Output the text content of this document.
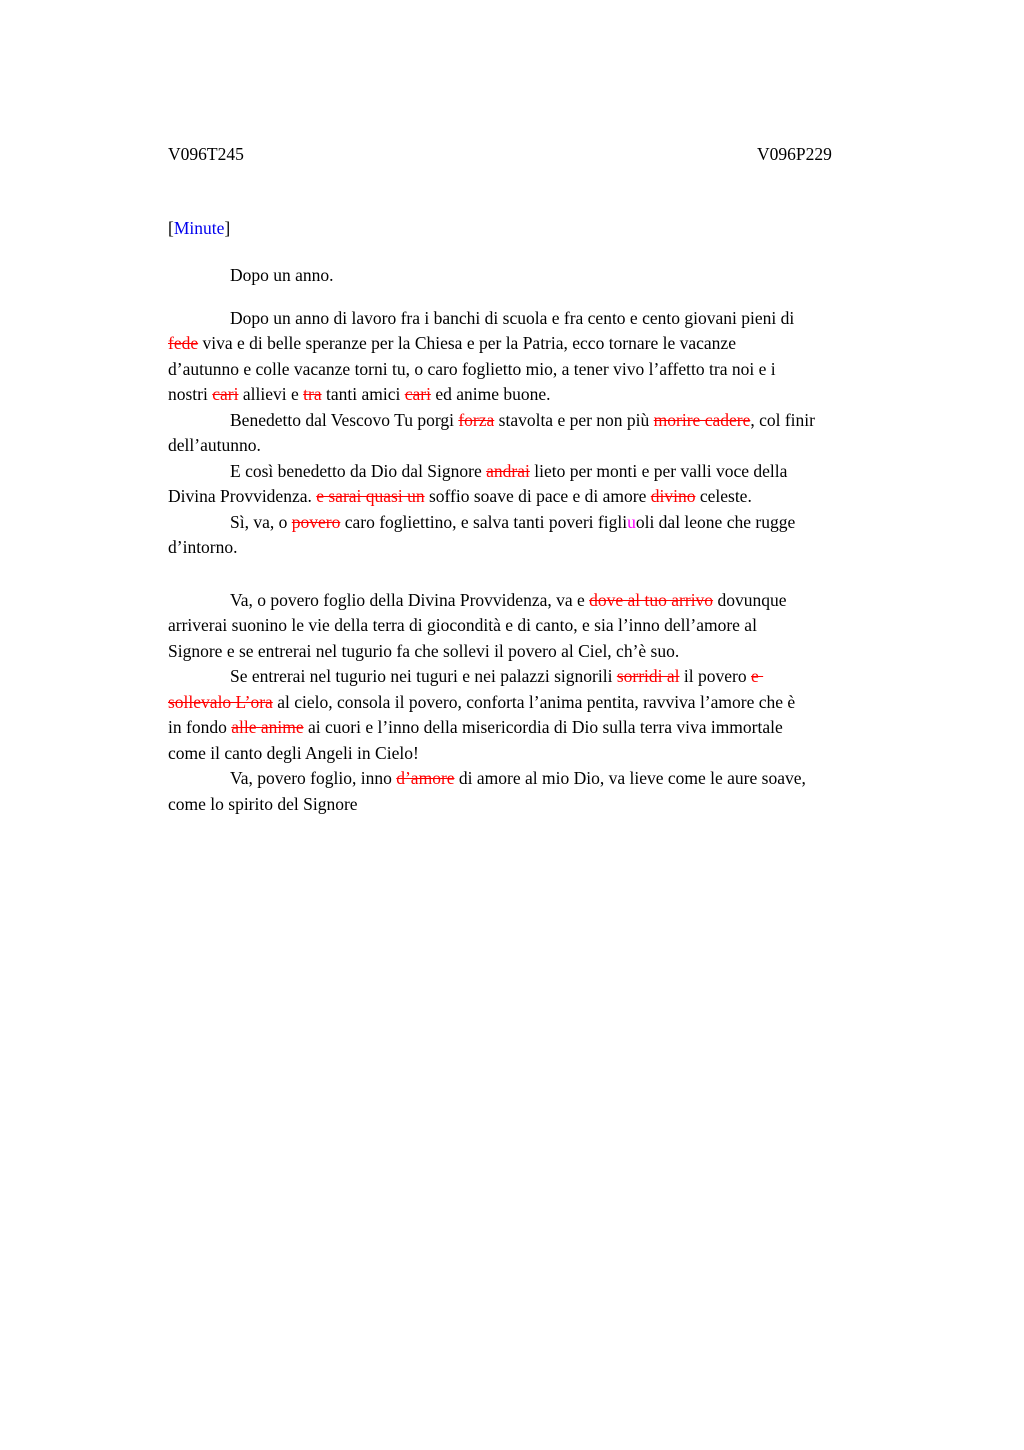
V096T245	V096P229
[Minute]
Dopo un anno.
Dopo un anno di lavoro fra i banchi di scuola e fra cento e cento giovani pieni di
fede viva e di belle speranze per la Chiesa e per la Patria, ecco tornare le vacanze
d’autunno e colle vacanze torni tu, o caro foglietto mio, a tener vivo l’affetto tra noi e i
nostri cari allievi e tra tanti amici cari ed anime buone.
Benedetto dal Vescovo Tu porgi forza stavolta e per non più morire cadere, col finir
dell’autunno.
E così benedetto da Dio dal Signore andrai lieto per monti e per valli voce della
Divina Provvidenza. e sarai quasi un soffio soave di pace e di amore divino celeste.
Sì, va, o povero caro fogliettino, e salva tanti poveri figliuoli dal leone che rugge
d’intorno.
Va, o povero foglio della Divina Provvidenza, va e dove al tuo arrivo dovunque
arriverai suonino le vie della terra di giocondità e di canto, e sia l’inno dell’amore al
Signore e se entrerai nel tugurio fa che sollevi il povero al Ciel, ch’è suo.
Se entrerai nel tugurio nei tuguri e nei palazzi signorili sorridi al il povero e
sollevalo L’ora al cielo, consola il povero, conforta l’anima pentita, ravviva l’amore che è
in fondo alle anime ai cuori e l’inno della misericordia di Dio sulla terra viva immortale
come il canto degli Angeli in Cielo!
Va, povero foglio, inno d’amore di amore al mio Dio, va lieve come le aure soave,
come lo spirito del Signore
